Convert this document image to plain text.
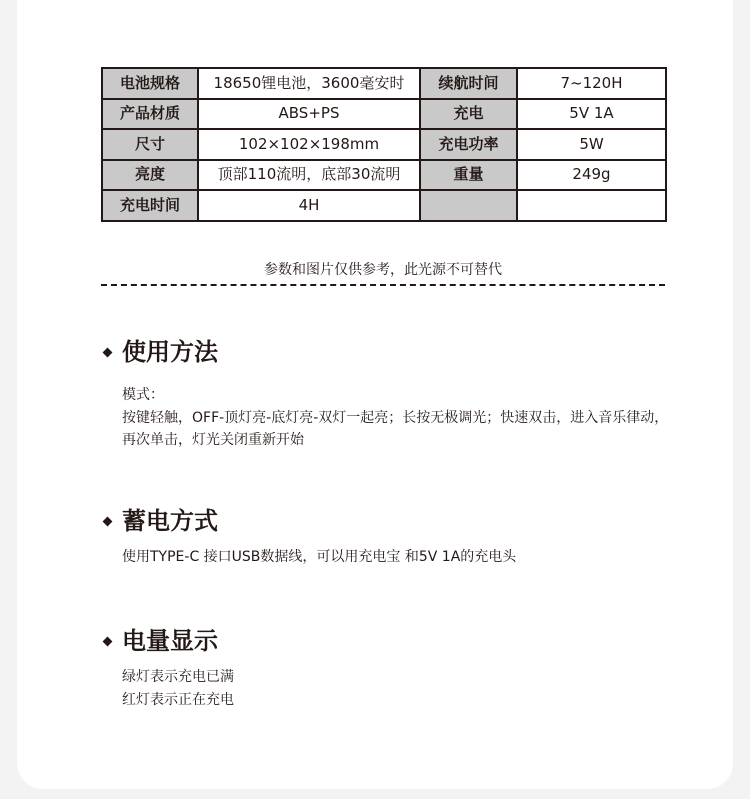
电池规格	18650锂电池，3600毫安时	续航时间	7~120H
产品材质	ABS+PS	充电	5V 1A
尺寸	102×102×198mm	充电功率	5W
亮度	顶部110流明，底部30流明	重量	249g
充电时间	4H		
参数和图片仅供参考，此光源不可替代
使用方法
模式：
按键轻触，OFF-顶灯亮-底灯亮-双灯一起亮；长按无极调光；快速双击，进入音乐律动，
再次单击，灯光关闭重新开始
蓄电方式
使用TYPE-C 接口USB数据线，可以用充电宝 和5V 1A的充电头
电量显示
绿灯表示充电已满
红灯表示正在充电
